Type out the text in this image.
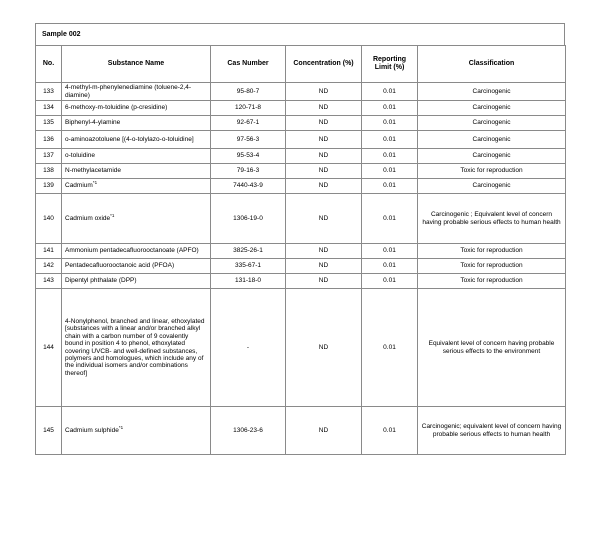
Sample 002
No.	Substance Name	Cas Number	Concentration (%)	Reporting Limit (%)	Classification
133	4-methyl-m-phenylenediamine (toluene-2,4-diamine)	95-80-7	ND	0.01	Carcinogenic
134	6-methoxy-m-toluidine (p-cresidine)	120-71-8	ND	0.01	Carcinogenic
135	Biphenyl-4-ylamine	92-67-1	ND	0.01	Carcinogenic
136	o-aminoazotoluene [(4-o-tolylazo-o-toluidine]	97-56-3	ND	0.01	Carcinogenic
137	o-toluidine	95-53-4	ND	0.01	Carcinogenic
138	N-methylacetamide	79-16-3	ND	0.01	Toxic for reproduction
139	Cadmium$^{*1}$	7440-43-9	ND	0.01	Carcinogenic
140	Cadmium oxide$^{*1}$	1306-19-0	ND	0.01	Carcinogenic ; Equivalent level of concern having probable serious effects to human health
141	Ammonium pentadecafluorooctanoate (APFO)	3825-26-1	ND	0.01	Toxic for reproduction
142	Pentadecafluorooctanoic acid (PFOA)	335-67-1	ND	0.01	Toxic for reproduction
143	Dipentyl phthalate (DPP)	131-18-0	ND	0.01	Toxic for reproduction
144	4-Nonylphenol, branched and linear, ethoxylated [substances with a linear and/or branched alkyl chain with a carbon number of 9 covalently bound in position 4 to phenol, ethoxylated covering UVCB- and well-defined substances, polymers and homologues, which include any of the individual isomers and/or combinations thereof]	-	ND	0.01	Equivalent level of concern having probable serious effects to the environment
145	Cadmium sulphide$^{*1}$	1306-23-6	ND	0.01	Carcinogenic; equivalent level of concern having probable serious effects to human health
